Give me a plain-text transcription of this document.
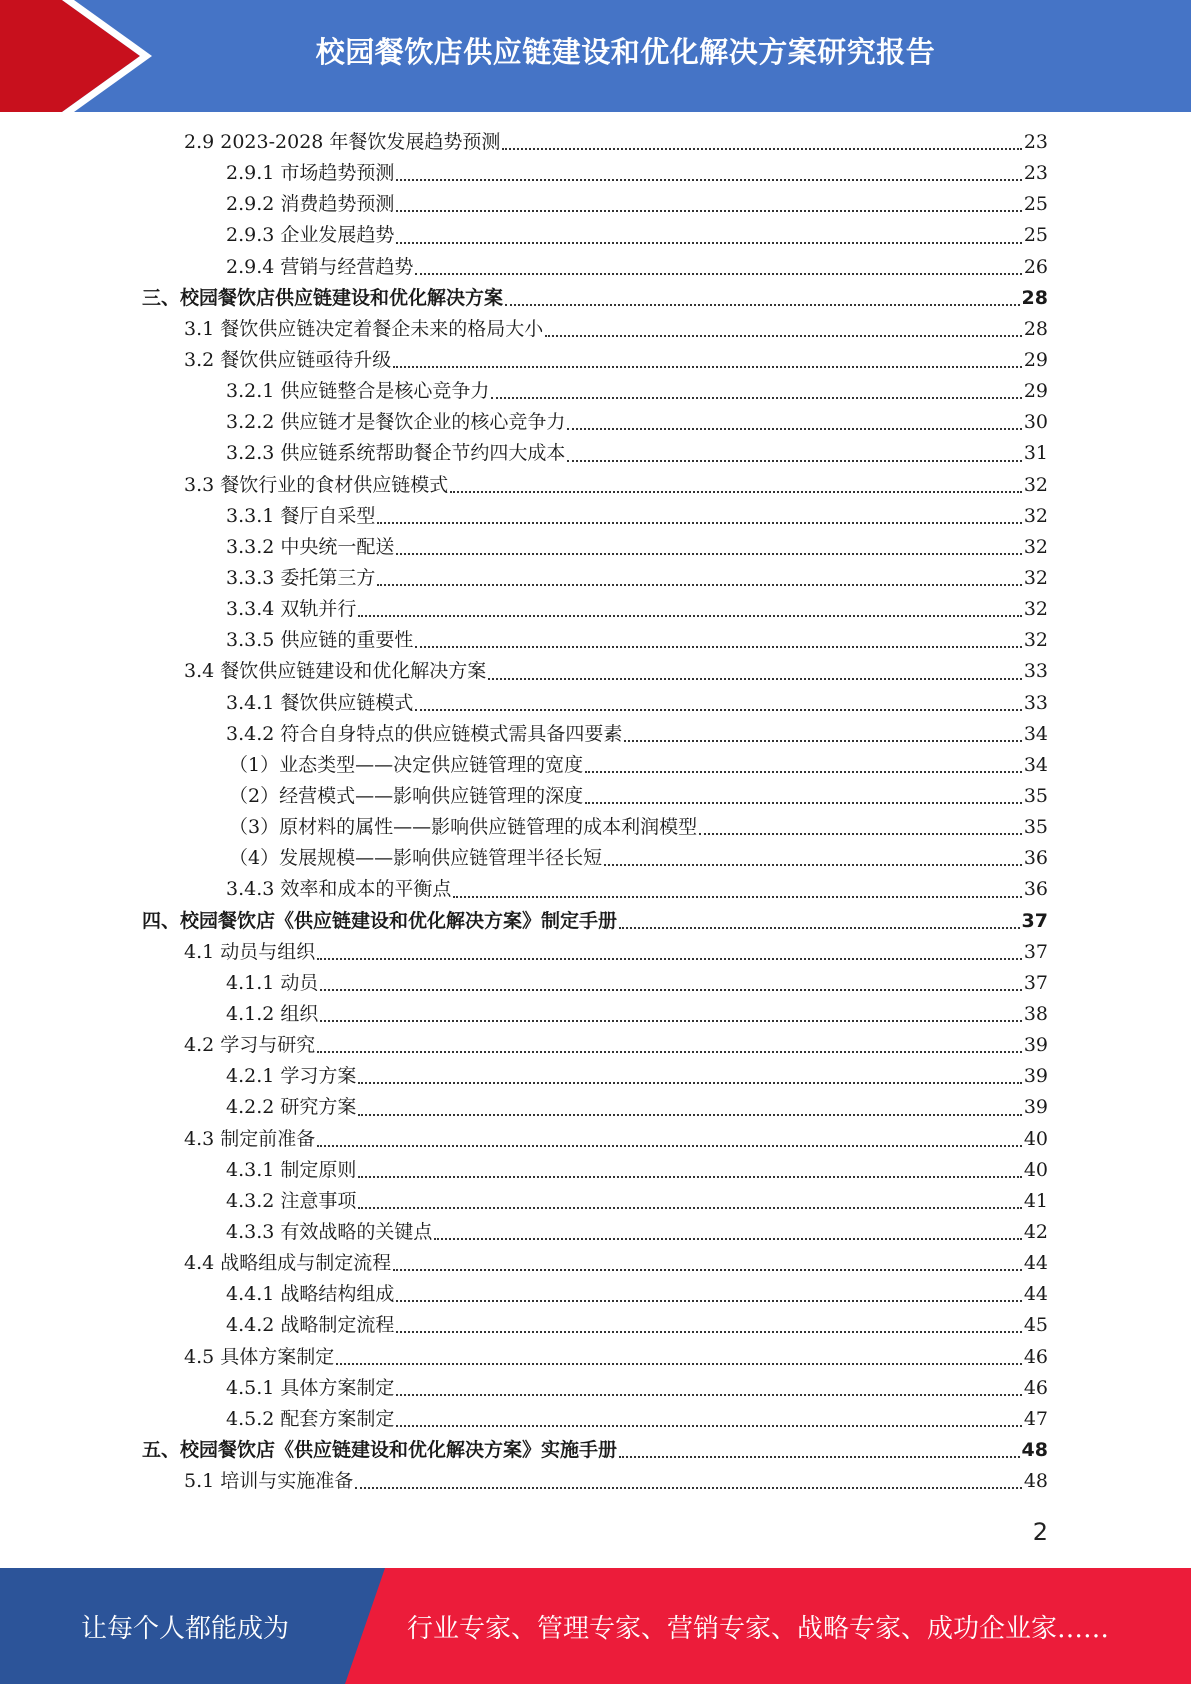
校园餐饮店供应链建设和优化解决方案研究报告
2.9 2023-2028 年餐饮发展趋势预测	23
2.9.1 市场趋势预测	23
2.9.2 消费趋势预测	25
2.9.3 企业发展趋势	25
2.9.4 营销与经营趋势	26
三、校园餐饮店供应链建设和优化解决方案	28
3.1 餐饮供应链决定着餐企未来的格局大小	28
3.2 餐饮供应链亟待升级	29
3.2.1 供应链整合是核心竞争力	29
3.2.2 供应链才是餐饮企业的核心竞争力	30
3.2.3 供应链系统帮助餐企节约四大成本	31
3.3 餐饮行业的食材供应链模式	32
3.3.1 餐厅自采型	32
3.3.2 中央统一配送	32
3.3.3 委托第三方	32
3.3.4 双轨并行	32
3.3.5 供应链的重要性	32
3.4 餐饮供应链建设和优化解决方案	33
3.4.1 餐饮供应链模式	33
3.4.2 符合自身特点的供应链模式需具备四要素	34
（1）业态类型——决定供应链管理的宽度	34
（2）经营模式——影响供应链管理的深度	35
（3）原材料的属性——影响供应链管理的成本利润模型	35
（4）发展规模——影响供应链管理半径长短	36
3.4.3 效率和成本的平衡点	36
四、校园餐饮店《供应链建设和优化解决方案》制定手册	37
4.1 动员与组织	37
4.1.1 动员	37
4.1.2 组织	38
4.2 学习与研究	39
4.2.1 学习方案	39
4.2.2 研究方案	39
4.3 制定前准备	40
4.3.1 制定原则	40
4.3.2 注意事项	41
4.3.3 有效战略的关键点	42
4.4 战略组成与制定流程	44
4.4.1 战略结构组成	44
4.4.2 战略制定流程	45
4.5 具体方案制定	46
4.5.1 具体方案制定	46
4.5.2 配套方案制定	47
五、校园餐饮店《供应链建设和优化解决方案》实施手册	48
5.1 培训与实施准备	48
2
让每个人都能成为	行业专家、管理专家、营销专家、战略专家、成功企业家……
